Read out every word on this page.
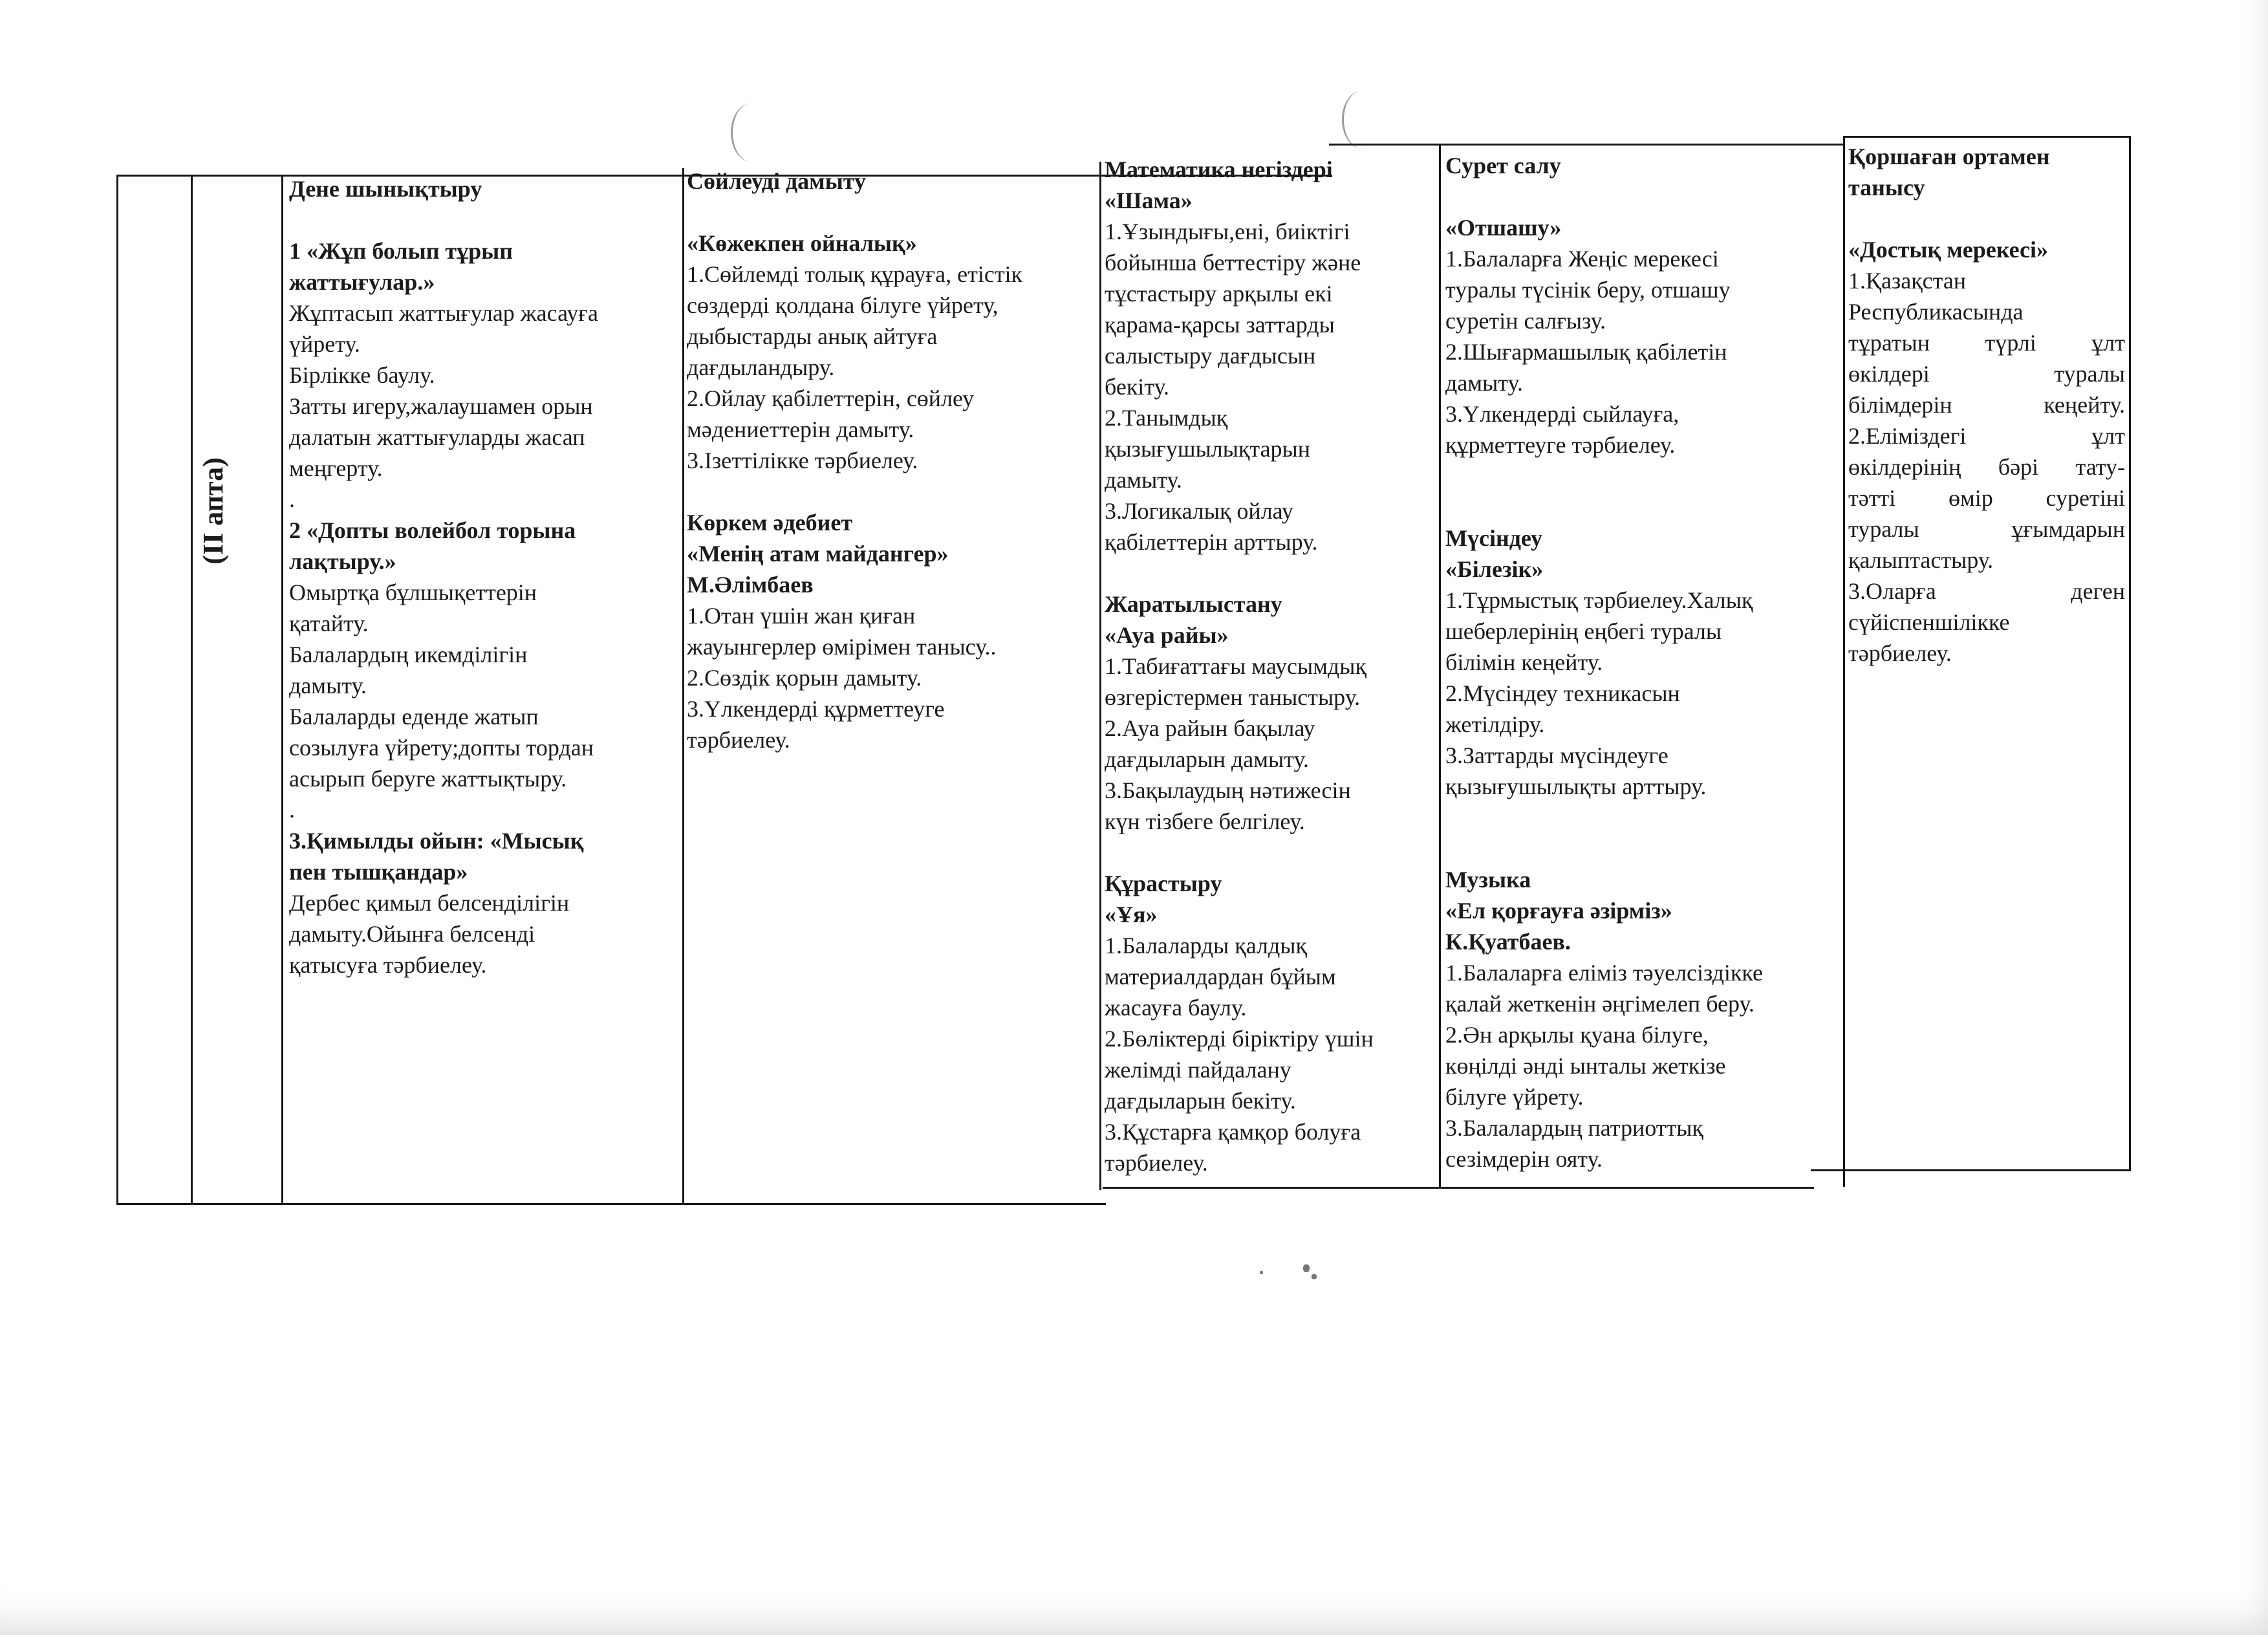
(II апта)

Дене шынықтыру

1 «Жұп болып тұрып

жаттығулар.»

Жұптасып жаттығулар жасауға

үйрету.

Бірлікке баулу.

Затты игеру,жалаушамен орын

далатын жаттығуларды жасап

меңгерту.

.

2 «Допты волейбол торына

лақтыру.»

Омыртқа бұлшықеттерін

қатайту.

Балалардың икемділігін

дамыту.

Балаларды еденде жатып

созылуға үйрету;допты тордан

асырып беруге жаттықтыру.

.

3.Қимылды ойын: «Мысық

пен тышқандар»

Дербес қимыл белсенділігін

дамыту.Ойынға белсенді

қатысуға тәрбиелеу.

Сөйлеуді дамыту

«Көжекпен ойналық»

1.Сөйлемді толық құрауға, етістік

сөздерді қолдана білуге үйрету,

дыбыстарды анық айтуға

дағдыландыру.

2.Ойлау қабілеттерін, сөйлеу

мәдениеттерін дамыту.

3.Ізеттілікке тәрбиелеу.

Көркем әдебиет

«Менің атам майдангер»

М.Әлімбаев

1.Отан үшін жан қиған

жауынгерлер өмірімен танысу..

2.Сөздік қорын дамыту.

3.Үлкендерді құрметтеуге

тәрбиелеу.

Математика негіздері

«Шама»

1.Ұзындығы,ені, биіктігі

бойынша беттестіру және

тұстастыру арқылы екі

қарама-қарсы заттарды

салыстыру дағдысын

бекіту.

2.Танымдық

қызығушылықтарын

дамыту.

3.Логикалық ойлау

қабілеттерін арттыру.

Жаратылыстану

«Ауа райы»

1.Табиғаттағы маусымдық

өзгерістермен таныстыру.

2.Ауа райын бақылау

дағдыларын дамыту.

3.Бақылаудың нәтижесін

күн тізбеге белгілеу.

Құрастыру

«Ұя»

1.Балаларды қалдық

материалдардан бұйым

жасауға баулу.

2.Бөліктерді біріктіру үшін

желімді пайдалану

дағдыларын бекіту.

3.Құстарға қамқор болуға

тәрбиелеу.

Сурет салу

«Отшашу»

1.Балаларға Жеңіс мерекесі

туралы түсінік беру, отшашу

суретін салғызу.

2.Шығармашылық қабілетін

дамыту.

3.Үлкендерді сыйлауға,

құрметтеуге тәрбиелеу.

Мүсіндеу

«Білезік»

1.Тұрмыстық тәрбиелеу.Халық

шеберлерінің еңбегі туралы

білімін кеңейту.

2.Мүсіндеу техникасын

жетілдіру.

3.Заттарды мүсіндеуге

қызығушылықты арттыру.

Музыка

«Ел қорғауға әзірміз»

К.Қуатбаев.

1.Балаларға еліміз тәуелсіздікке

қалай жеткенін әңгімелеп беру.

2.Ән арқылы қуана білуге,

көңілді әнді ынталы жеткізе

білуге үйрету.

3.Балалардың патриоттық

сезімдерін ояту.

Қоршаған ортамен

танысу

«Достық мерекесі»

1.Қазақстан

Республикасында

тұратын түрлі ұлт

өкілдері туралы

білімдерін кеңейту.

2.Еліміздегі ұлт

өкілдерінің бәрі тату-

тәтті өмір суретіні

туралы ұғымдарын

қалыптастыру.

3.Оларға деген

сүйіспеншілікке

тәрбиелеу.
